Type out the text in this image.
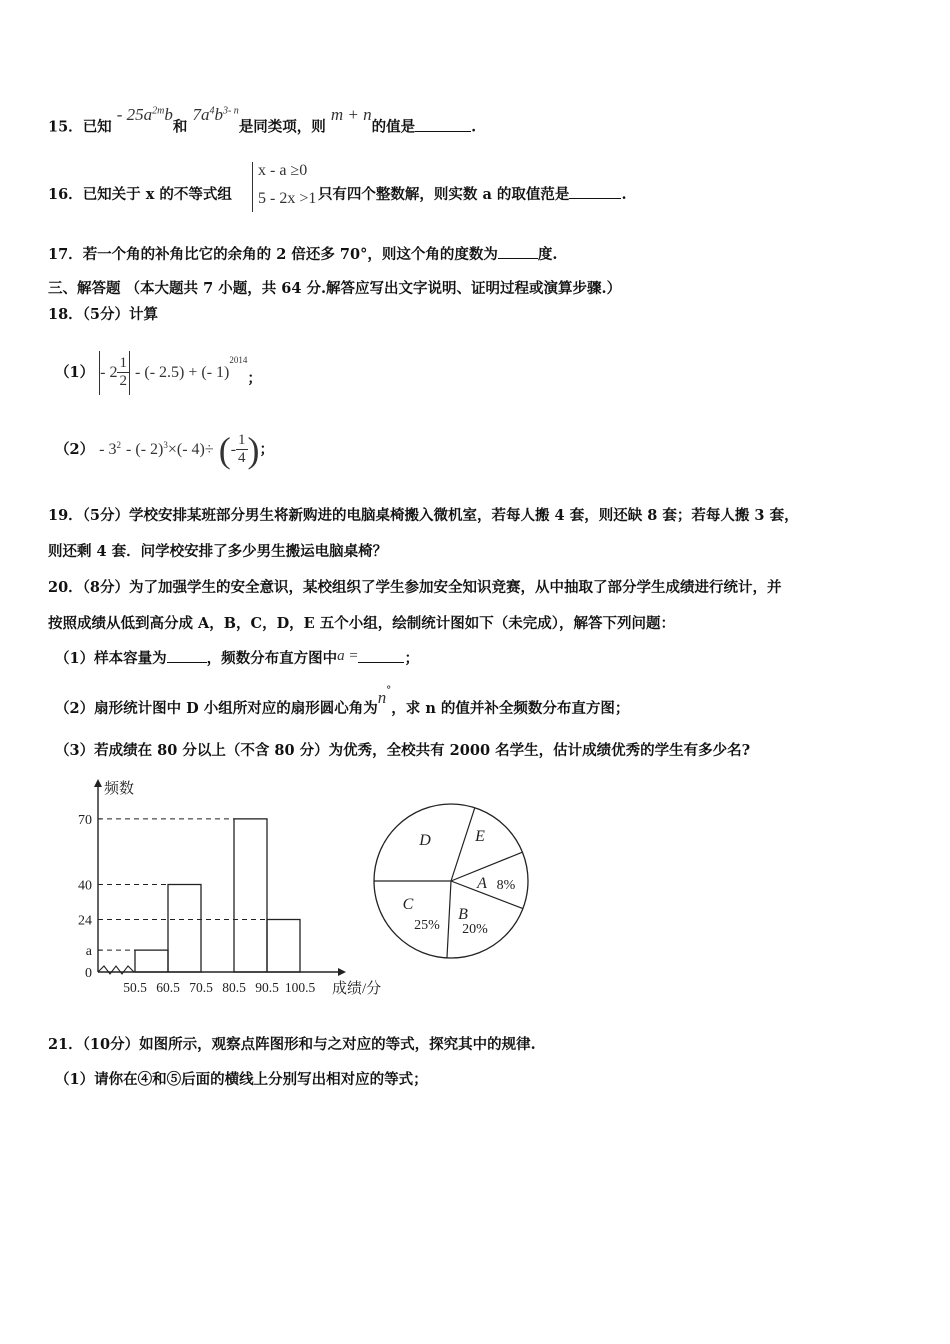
15．已知 - $25a^{2m}b$和 $7a^4b^{3- n}$是同类项，则 m + n的值是	.
x - a ≥0
5 - 2x >1
16．已知关于 x 的不等式组	只有四个整数解，则实数 a 的取值范是	.
17．若一个角的补角比它的余角的 2 倍还多 70°，则这个角的度数为	度.
三、解答题 （本大题共 7 小题，共 64 分.解答应写出文字说明、证明过程或演算步骤.）
18．（5分）计算
$(1) - 2 \frac{1}{2}$ - (- 2.5) + (- 1)$^{2014}$；
$(2) - 3^2$ - (- 2)$^3$×(- 4)÷ (- $\frac{1}{4}$ )；
19．（5分）学校安排某班部分男生将新购进的电脑桌椅搬入微机室，若每人搬 4 套，则还缺 8 套；若每人搬 3 套，
则还剩 4 套．问学校安排了多少男生搬运电脑桌椅？
20．（8分）为了加强学生的安全意识，某校组织了学生参加安全知识竞赛，从中抽取了部分学生成绩进行统计，并
按照成绩从低到高分成 A，B，C，D，E 五个小组，绘制统计图如下（未完成），解答下列问题：
（1）样本容量为	，频数分布直方图中a =	；
（2）扇形统计图中 D 小组所对应的扇形圆心角为n°，求 n 的值并补全频数分布直方图；
（3）若成绩在 80 分以上（不含 80 分）为优秀，全校共有 2000 名学生，估计成绩优秀的学生有多少名?
频数
成绩/分
70
40
24
a
0
50.5 60.5 70.5 80.5 90.5 100.5
D	E
A
B
C
8%
20%
25%
21．（10分）如图所示，观察点阵图形和与之对应的等式，探究其中的规律.
（1）请你在④和⑤后面的横线上分别写出相对应的等式；
